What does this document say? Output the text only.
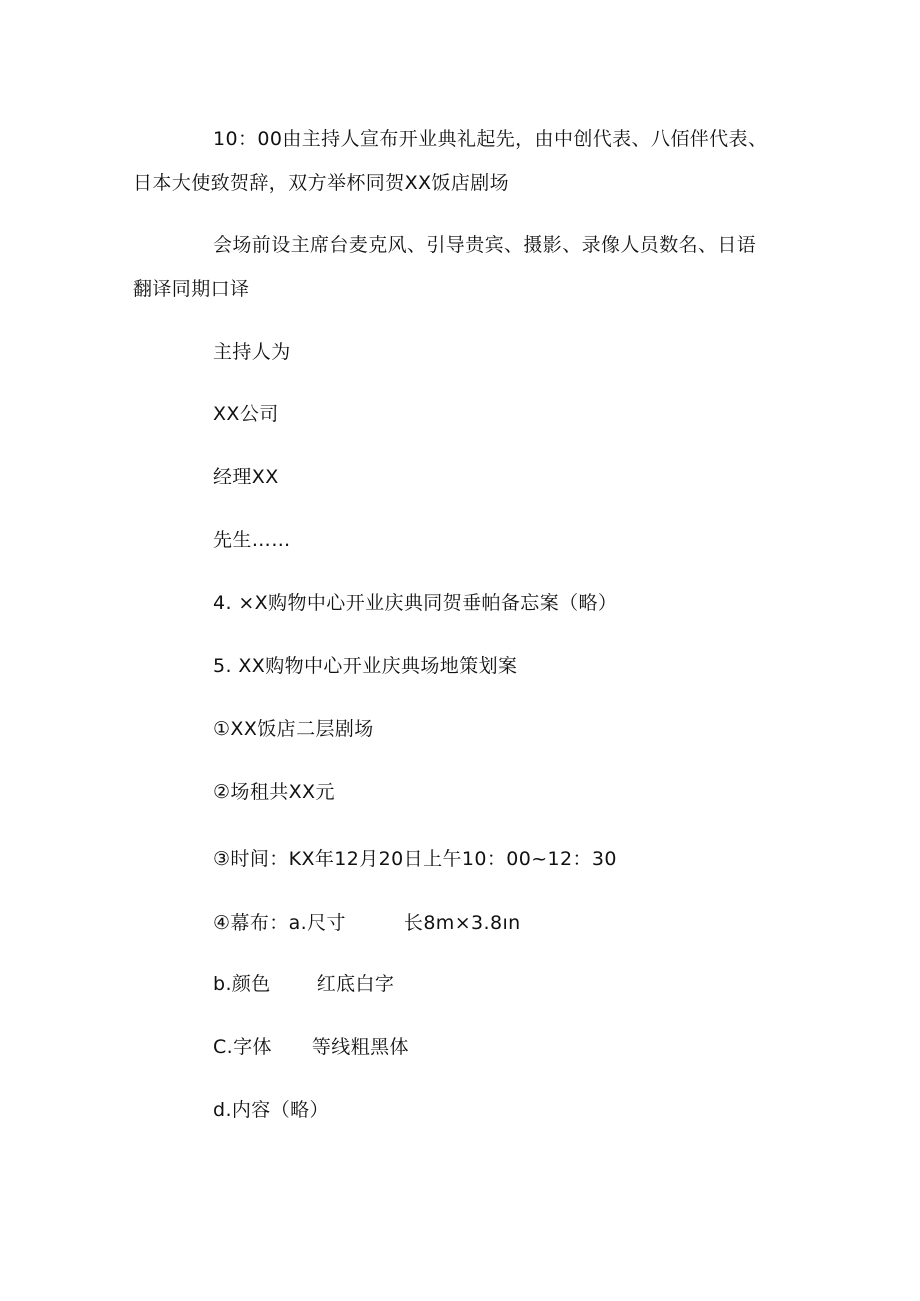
10：00由主持人宣布开业典礼起先，由中创代表、八佰伴代表、
日本大使致贺辞，双方举杯同贺XX饭店剧场
会场前设主席台麦克风、引导贵宾、摄影、录像人员数名、日语
翻译同期口译
主持人为
XX公司
经理XX
先生……
4. ×X购物中心开业庆典同贺垂帕备忘案（略）
5. XX购物中心开业庆典场地策划案
①XX饭店二层剧场
②场租共XX元
③时间：KX年12月20日上午10：00~12：30
④幕布：a.尺寸	长8m×3.8ın
b.颜色 红底白字
C.字体 等线粗黑体
d.内容（略）
